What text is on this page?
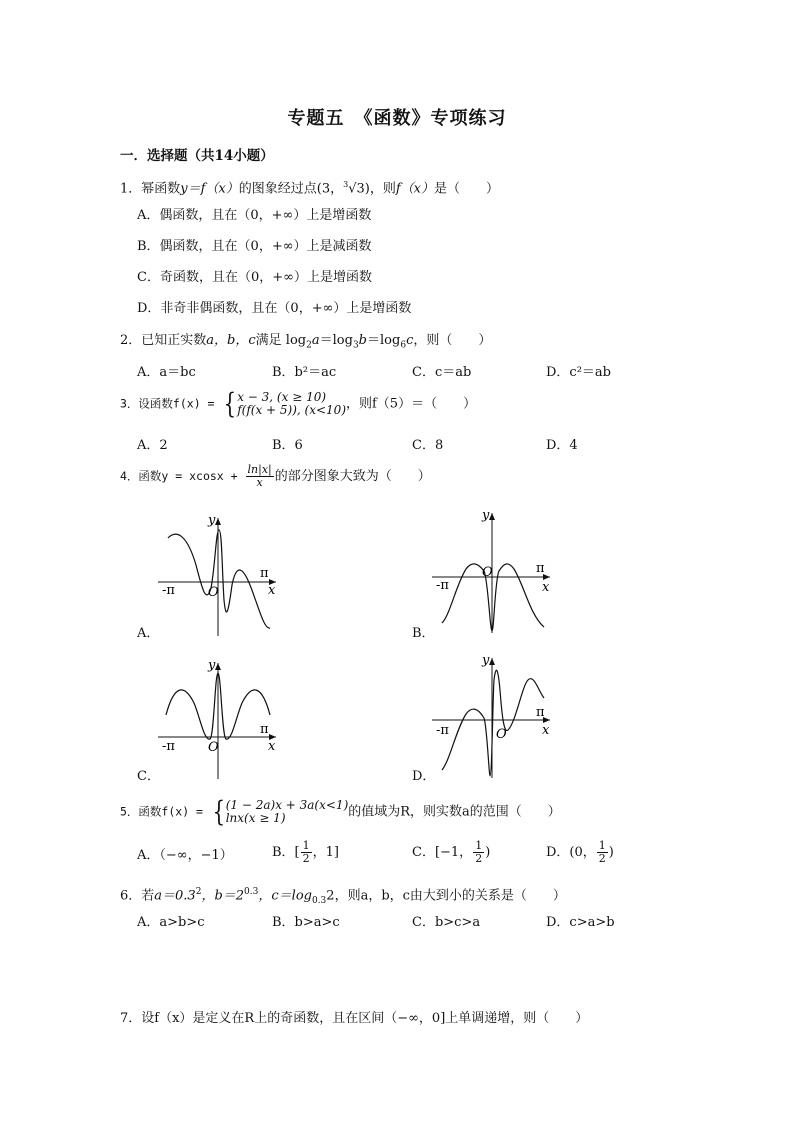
专题五　《函数》专项练习
一．选择题（共14小题）
1．幂函数y＝f（x）的图象经过点(3，$^3$√3)，则f（x）是（　　）
A．偶函数，且在（0，+∞）上是增函数
B．偶函数，且在（0，+∞）上是减函数
C．奇函数，且在（0，+∞）上是增函数
D．非奇非偶函数，且在（0，+∞）上是增函数
2．已知正实数a，b，c满足 $\log_2a=\log_3b=\log_6c$，则（　　）
A．a＝bc	B．b²＝ac	C．c＝ab	D．c²＝ab
3．设函数f(x) = { x − 3, (x ≥ 10)
f(f(x + 5)), (x<10) ，则f（5）＝（　　）
A．2	B．6	C．8	D．4
4．函数$y = xcosx + \frac{\ln|x|}{x}$ 的部分图象大致为（　　）
y
x
O
-π
π
A．
y
x
O
-π
π
B．
y
x
O
-π
π
C．
y
x
O
-π
π
D．
5．函数f(x) = { (1 − 2a)x + 3a(x<1)
lnx(x ≥ 1)	的值域为R，则实数a的范围（　　）
A．（−∞，−1）	B．[ $\frac{1}{2}$ ，1]	C．[−1， $\frac{1}{2}$ )	D．(0， $\frac{1}{2}$ )
6．若$a=0.3^2$，$b=2^{0.3}$，$c=\log_{0.3}2$，则a，b，c由大到小的关系是（　　）
A．a>b>c	B．b>a>c	C．b>c>a	D．c>a>b
7．设f（x）是定义在R上的奇函数，且在区间（−∞，0]上单调递增，则（　　）
